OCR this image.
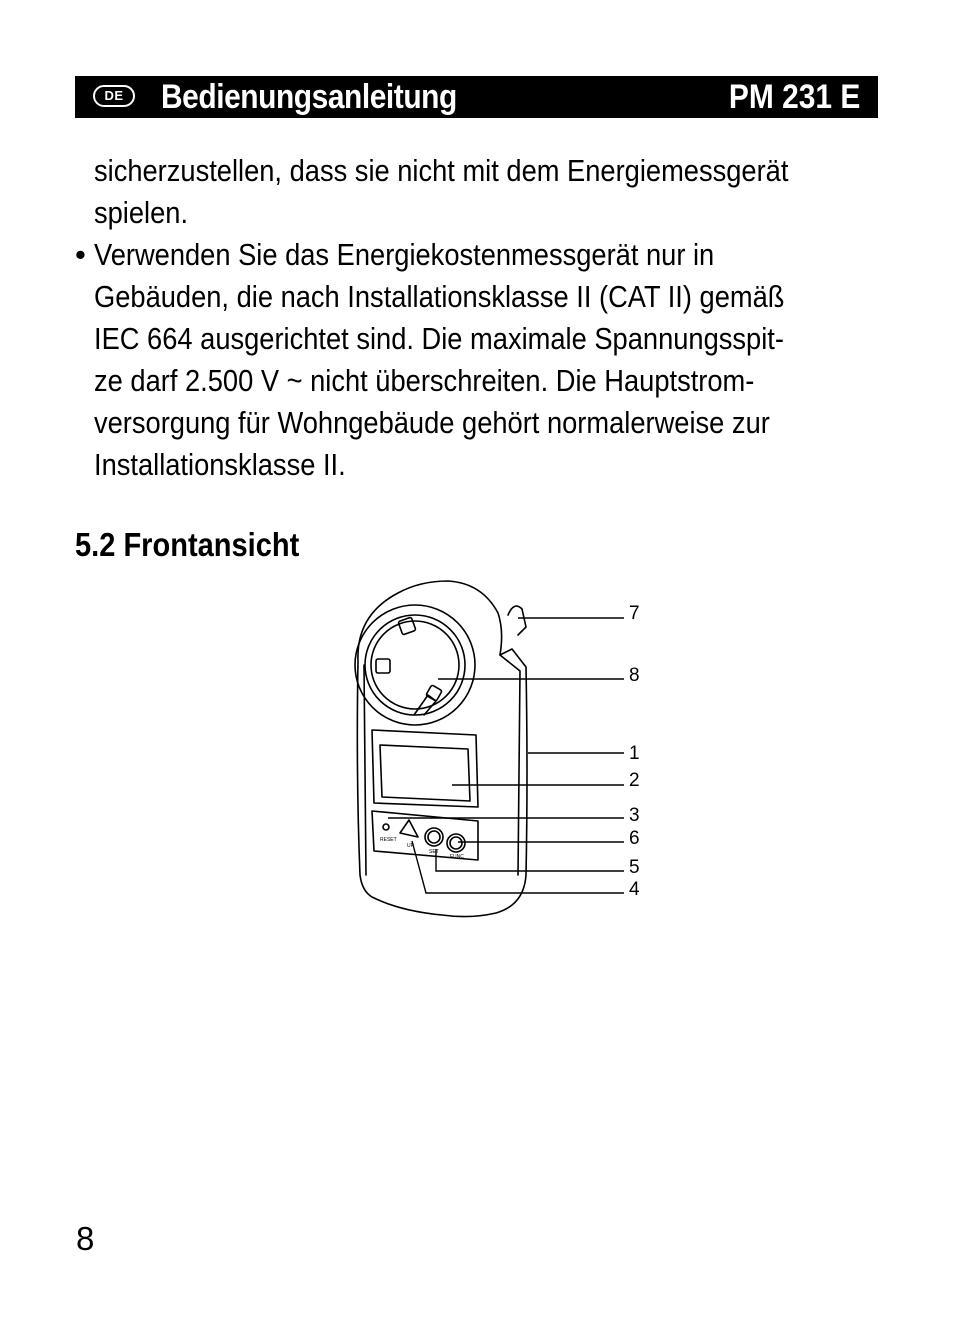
DE	Bedienungsanleitung	PM 231 E
sicherzustellen, dass sie nicht mit dem Energiemessgerät
spielen.
• Verwenden Sie das Energiekostenmessgerät nur in
Gebäuden, die nach Installationsklasse II (CAT II) gemäß
IEC 664 ausgerichtet sind. Die maximale Spannungsspit-
ze darf 2.500 V ~ nicht überschreiten. Die Hauptstrom-
versorgung für Wohngebäude gehört normalerweise zur
Installationsklasse II.
5.2 Frontansicht
RESET
UP
SET
FUNC
7
8
1
2
3
6
5
4
8
